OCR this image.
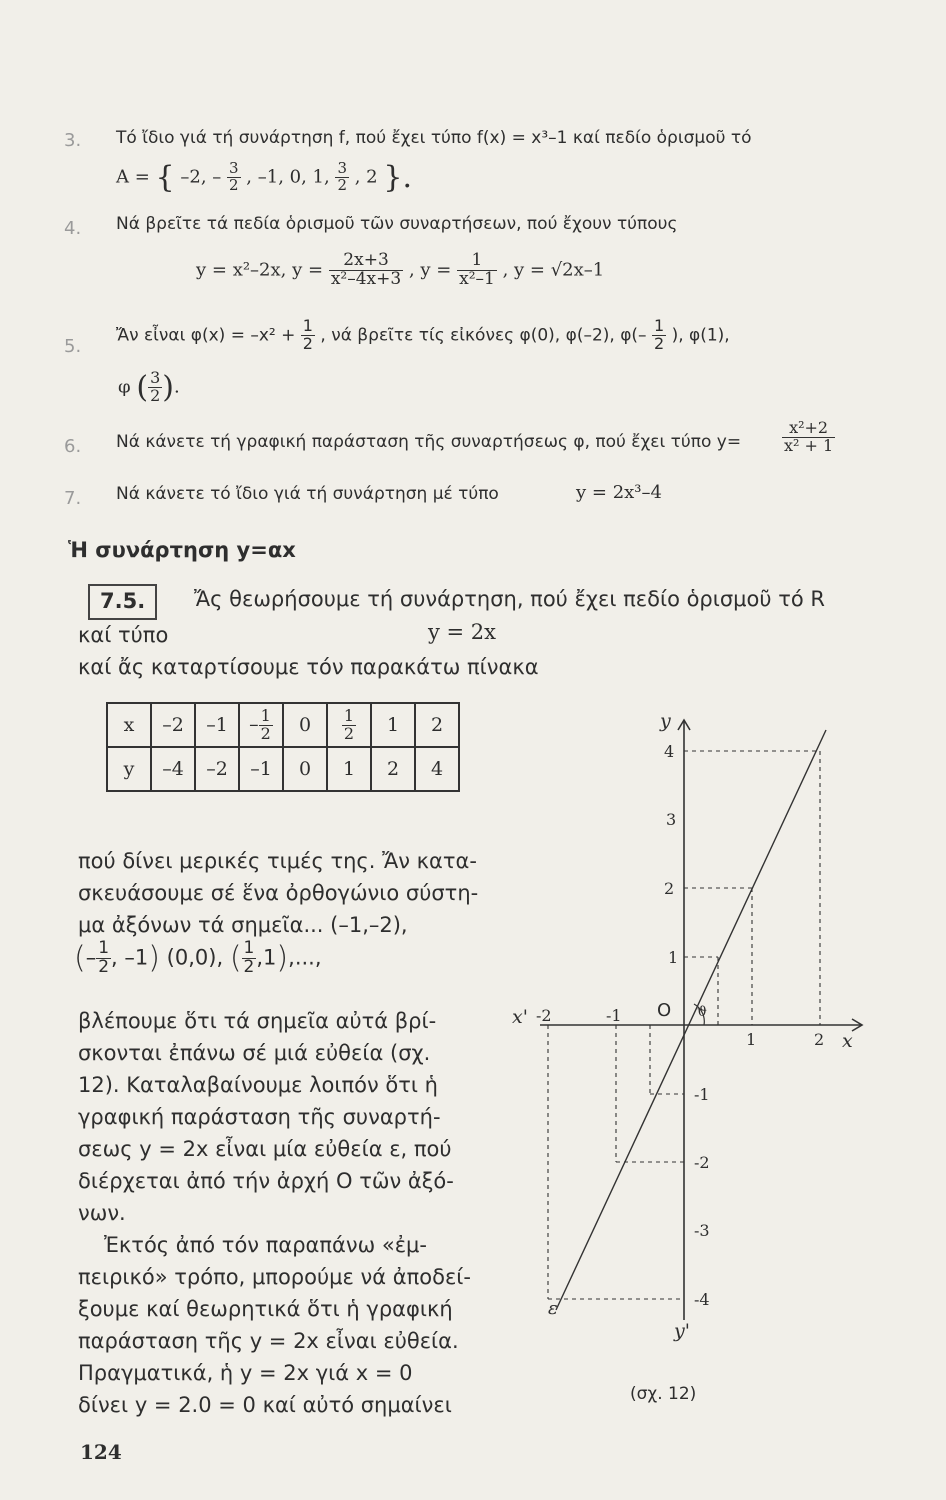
3. Τό ἴδιο γιά τή συνάρτηση f, πού ἔχει τύπο f(x) = x³–1 καί πεδίο ὁρισμοῦ τό
A = { –2, – $\frac{3}{2}$ , –1, 0, 1, $\frac{3}{2}$ , 2 }.
4. Νά βρεῖτε τά πεδία ὁρισμοῦ τῶν συναρτήσεων, πού ἔχουν τύπους
y = x²–2x, $y = \frac{2x+3}{\text{x²–4x+3}}$ , $y = \frac{1}{\text{x²–1}}$ , y = √2x–1
5.
Ἄν εἶναι $\varphi(x) = -x^2 + \frac{1}{2}$ , νά βρεῖτε τίς εἰκόνες φ(0), φ(–2), $\varphi(- \frac{1}{2}$ ), φ(1),
φ ( $\frac{3}{2}$ ).
6. Νά κάνετε τή γραφική παράσταση τῆς συναρτήσεως φ, πού ἔχει τύπο y=	$\frac{\text{x²+2}}{\text{x² + 1}}$
7. Νά κάνετε τό ἴδιο γιά τή συνάρτηση μέ τύπο	y = 2x³–4
Ἡ συνάρτηση y=αx
7.5.	Ἄς θεωρήσουμε τή συνάρτηση, πού ἔχει πεδίο ὁρισμοῦ τό R
καί τύπο	y = 2x
καί ἄς καταρτίσουμε τόν παρακάτω πίνακα
x	–2	–1	– $\frac{1}{2}$	0	$\frac{1}{2}$	1	2
y	–4	–2	–1	0	1	2	4
πού δίνει μερικές τιμές της. Ἄν κατα-
σκευάσουμε σέ ἕνα ὀρθογώνιο σύστη-
μα ἀξόνων τά σημεῖα... (–1,–2),
(– $\frac{1}{2}$ , –1) (0,0), ( $\frac{1}{2} ,1$),...,
βλέπουμε ὅτι τά σημεῖα αὐτά βρί-
σκονται ἐπάνω σέ μιά εὐθεία (σχ.
12). Καταλαβαίνουμε λοιπόν ὅτι ἡ
γραφική παράσταση τῆς συναρτή-
σεως y = 2x εἶναι μία εὐθεία ε, πού
διέρχεται ἀπό τήν ἀρχή O τῶν ἀξό-
νων.
Ἐκτός ἀπό τόν παραπάνω «ἐμ-
πειρικό» τρόπο, μπορούμε νά ἀποδεί-
ξουμε καί θεωρητικά ὅτι ἡ γραφική
παράσταση τῆς y = 2x εἶναι εὐθεία.
Πραγματικά, ἡ y = 2x γιά x = 0
δίνει y = 2.0 = 0 καί αὐτό σημαίνει
y
y'
x
x'	O ϑ
ε
-2	-1
1	2
1
2
3
4
-1
-2
-3
-4
(σχ. 12)
124
